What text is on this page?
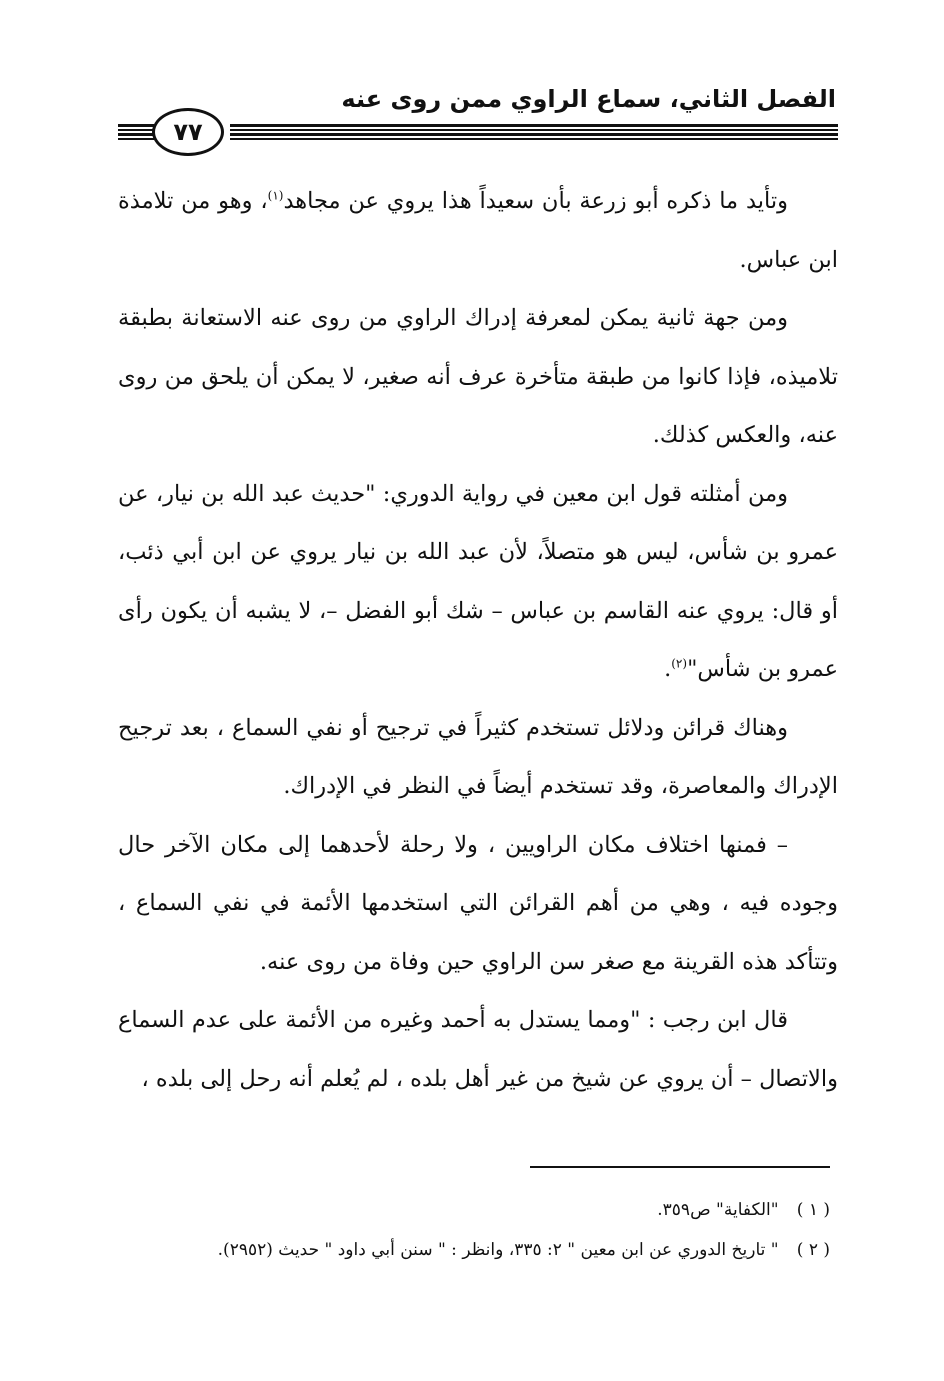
الفصل الثاني، سماع الراوي ممن روى عنه
٧٧

وتأيد ما ذكره أبو زرعة بأن سعيداً هذا يروي عن مجاهد$^{(١)}$، وهو من تلامذة ابن عباس.

ومن جهة ثانية يمكن لمعرفة إدراك الراوي من روى عنه الاستعانة بطبقة تلاميذه، فإذا كانوا من طبقة متأخرة عرف أنه صغير، لا يمكن أن يلحق من روى عنه، والعكس كذلك.

ومن أمثلته قول ابن معين في رواية الدوري: "حديث عبد الله بن نيار، عن عمرو بن شأس، ليس هو متصلاً، لأن عبد الله بن نيار يروي عن ابن أبي ذئب، أو قال: يروي عنه القاسم بن عباس – شك أبو الفضل –، لا يشبه أن يكون رأى عمرو بن شأس"$^{(٢)}$.

وهناك قرائن ودلائل تستخدم كثيراً في ترجيح أو نفي السماع ، بعد ترجيح الإدراك والمعاصرة، وقد تستخدم أيضاً في النظر في الإدراك.

– فمنها اختلاف مكان الراويين ، ولا رحلة لأحدهما إلى مكان الآخر حال وجوده فيه ، وهي من أهم القرائن التي استخدمها الأئمة في نفي السماع ، وتتأكد هذه القرينة مع صغر سن الراوي حين وفاة من روى عنه.

قال ابن رجب : "ومما يستدل به أحمد وغيره من الأئمة على عدم السماع والاتصال – أن يروي عن شيخ من غير أهل بلده ، لم يُعلم أنه رحل إلى بلده ،

( ١ ) "الكفاية" ص٣٥٩.
( ٢ ) " تاريخ الدوري عن ابن معين " ٢: ٣٣٥، وانظر : " سنن أبي داود " حديث (٢٩٥٢).
